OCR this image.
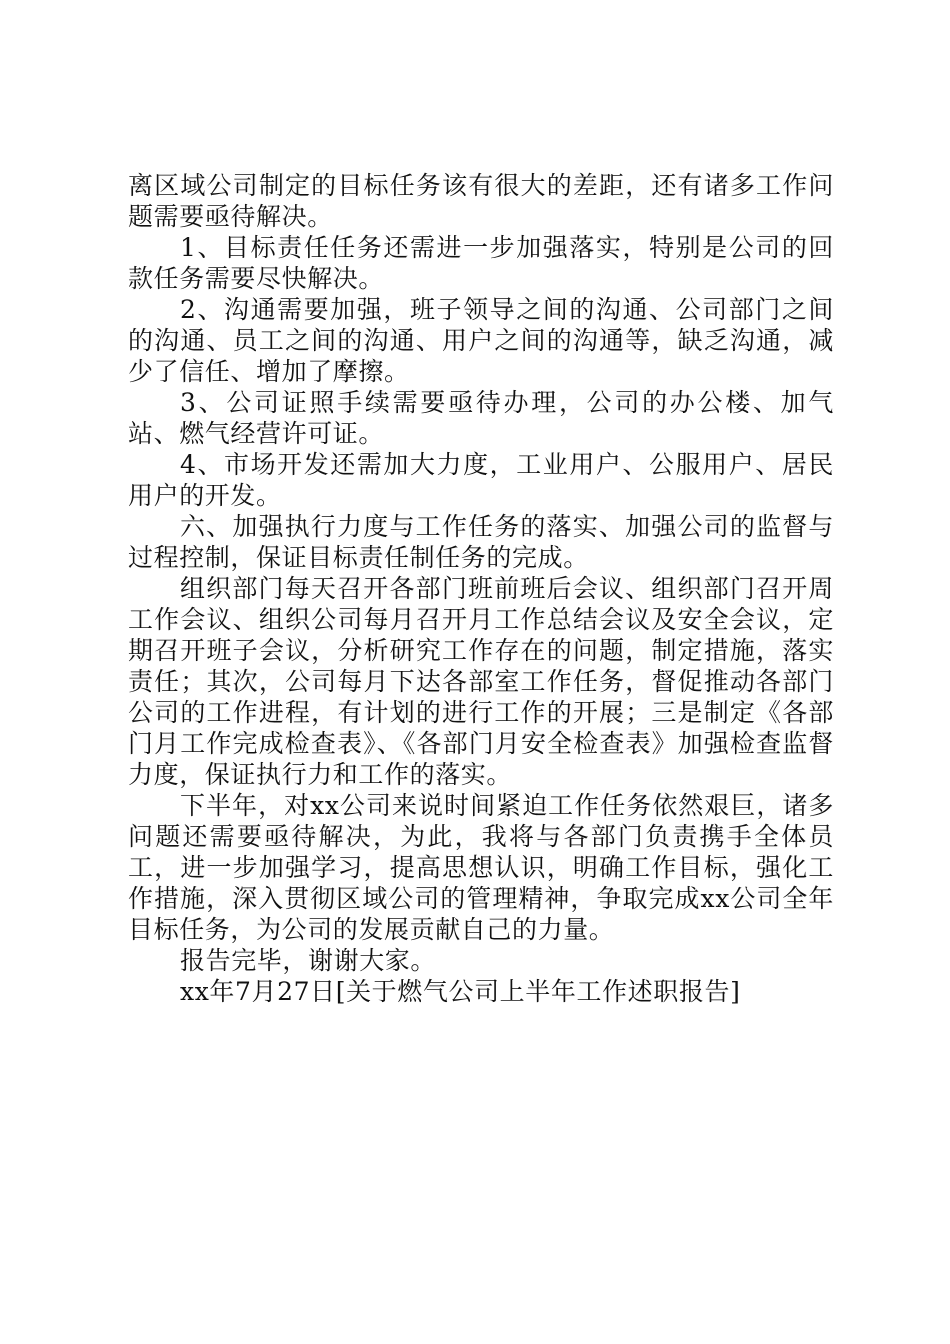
离区域公司制定的目标任务该有很大的差距，还有诸多工作问题需要亟待解决。

1、目标责任任务还需进一步加强落实，特别是公司的回款任务需要尽快解决。

2、沟通需要加强，班子领导之间的沟通、公司部门之间的沟通、员工之间的沟通、用户之间的沟通等，缺乏沟通，减少了信任、增加了摩擦。

3、公司证照手续需要亟待办理，公司的办公楼、加气站、燃气经营许可证。

4、市场开发还需加大力度，工业用户、公服用户、居民用户的开发。

六、加强执行力度与工作任务的落实、加强公司的监督与过程控制，保证目标责任制任务的完成。

组织部门每天召开各部门班前班后会议、组织部门召开周工作会议、组织公司每月召开月工作总结会议及安全会议，定期召开班子会议，分析研究工作存在的问题，制定措施，落实责任；其次，公司每月下达各部室工作任务，督促推动各部门公司的工作进程，有计划的进行工作的开展；三是制定《各部门月工作完成检查表》、《各部门月安全检查表》加强检查监督力度，保证执行力和工作的落实。

下半年，对xx公司来说时间紧迫工作任务依然艰巨，诸多问题还需要亟待解决，为此，我将与各部门负责携手全体员工，进一步加强学习，提高思想认识，明确工作目标，强化工作措施，深入贯彻区域公司的管理精神，争取完成xx公司全年目标任务，为公司的发展贡献自己的力量。

报告完毕，谢谢大家。

xx年7月27日[关于燃气公司上半年工作述职报告]
